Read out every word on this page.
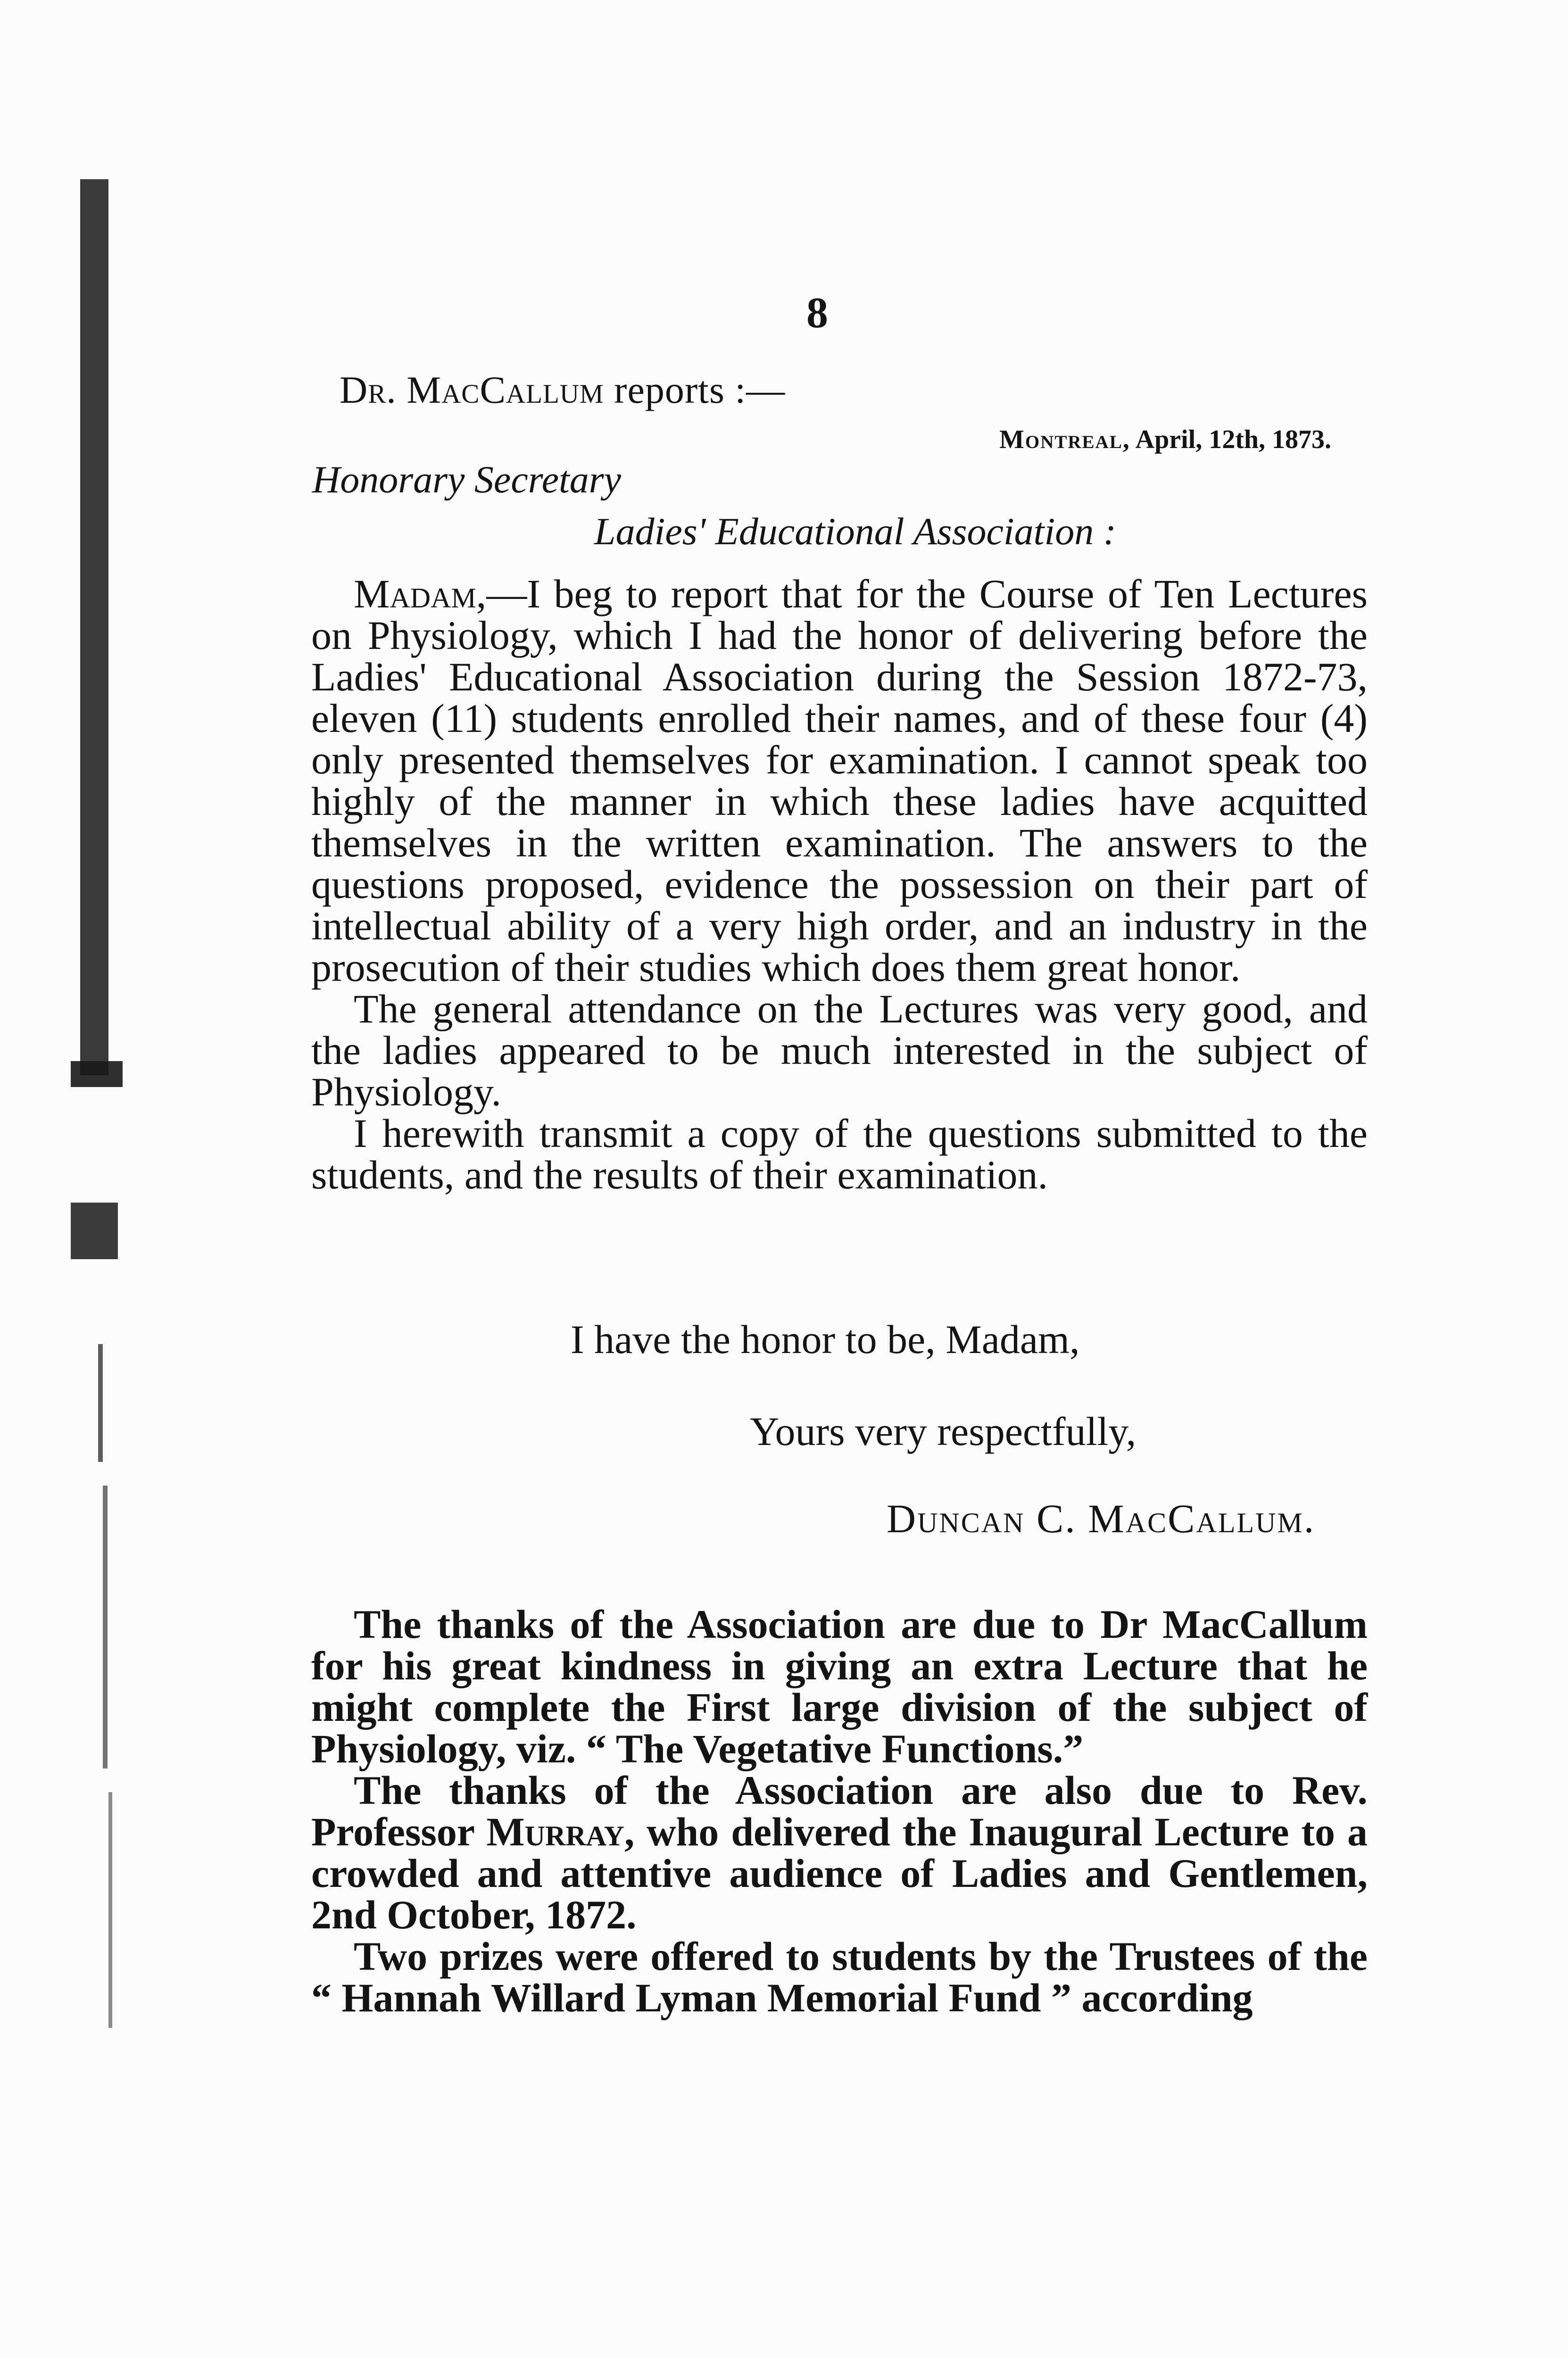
8
Dr. MacCallum reports :—
Montreal, April, 12th, 1873.
Honorary Secretary
Ladies' Educational Association :

Madam,—I beg to report that for the Course of Ten Lectures on Physiology, which I had the honor of delivering before the Ladies' Educational Association during the Session 1872-73, eleven (11) students enrolled their names, and of these four (4) only presented themselves for examination. I cannot speak too highly of the manner in which these ladies have acquitted themselves in the written examination. The answers to the questions proposed, evidence the possession on their part of intellectual ability of a very high order, and an industry in the prosecution of their studies which does them great honor.

The general attendance on the Lectures was very good, and the ladies appeared to be much interested in the subject of Physiology.

I herewith transmit a copy of the questions submitted to the students, and the results of their examination.

I have the honor to be, Madam,
Yours very respectfully,
Duncan C. MacCallum.

The thanks of the Association are due to Dr MacCallum for his great kindness in giving an extra Lecture that he might complete the First large division of the subject of Physiology, viz. “ The Vegetative Functions.”

The thanks of the Association are also due to Rev. Professor Murray, who delivered the Inaugural Lecture to a crowded and attentive audience of Ladies and Gentlemen, 2nd October, 1872.

Two prizes were offered to students by the Trustees of the “ Hannah Willard Lyman Memorial Fund ” according
